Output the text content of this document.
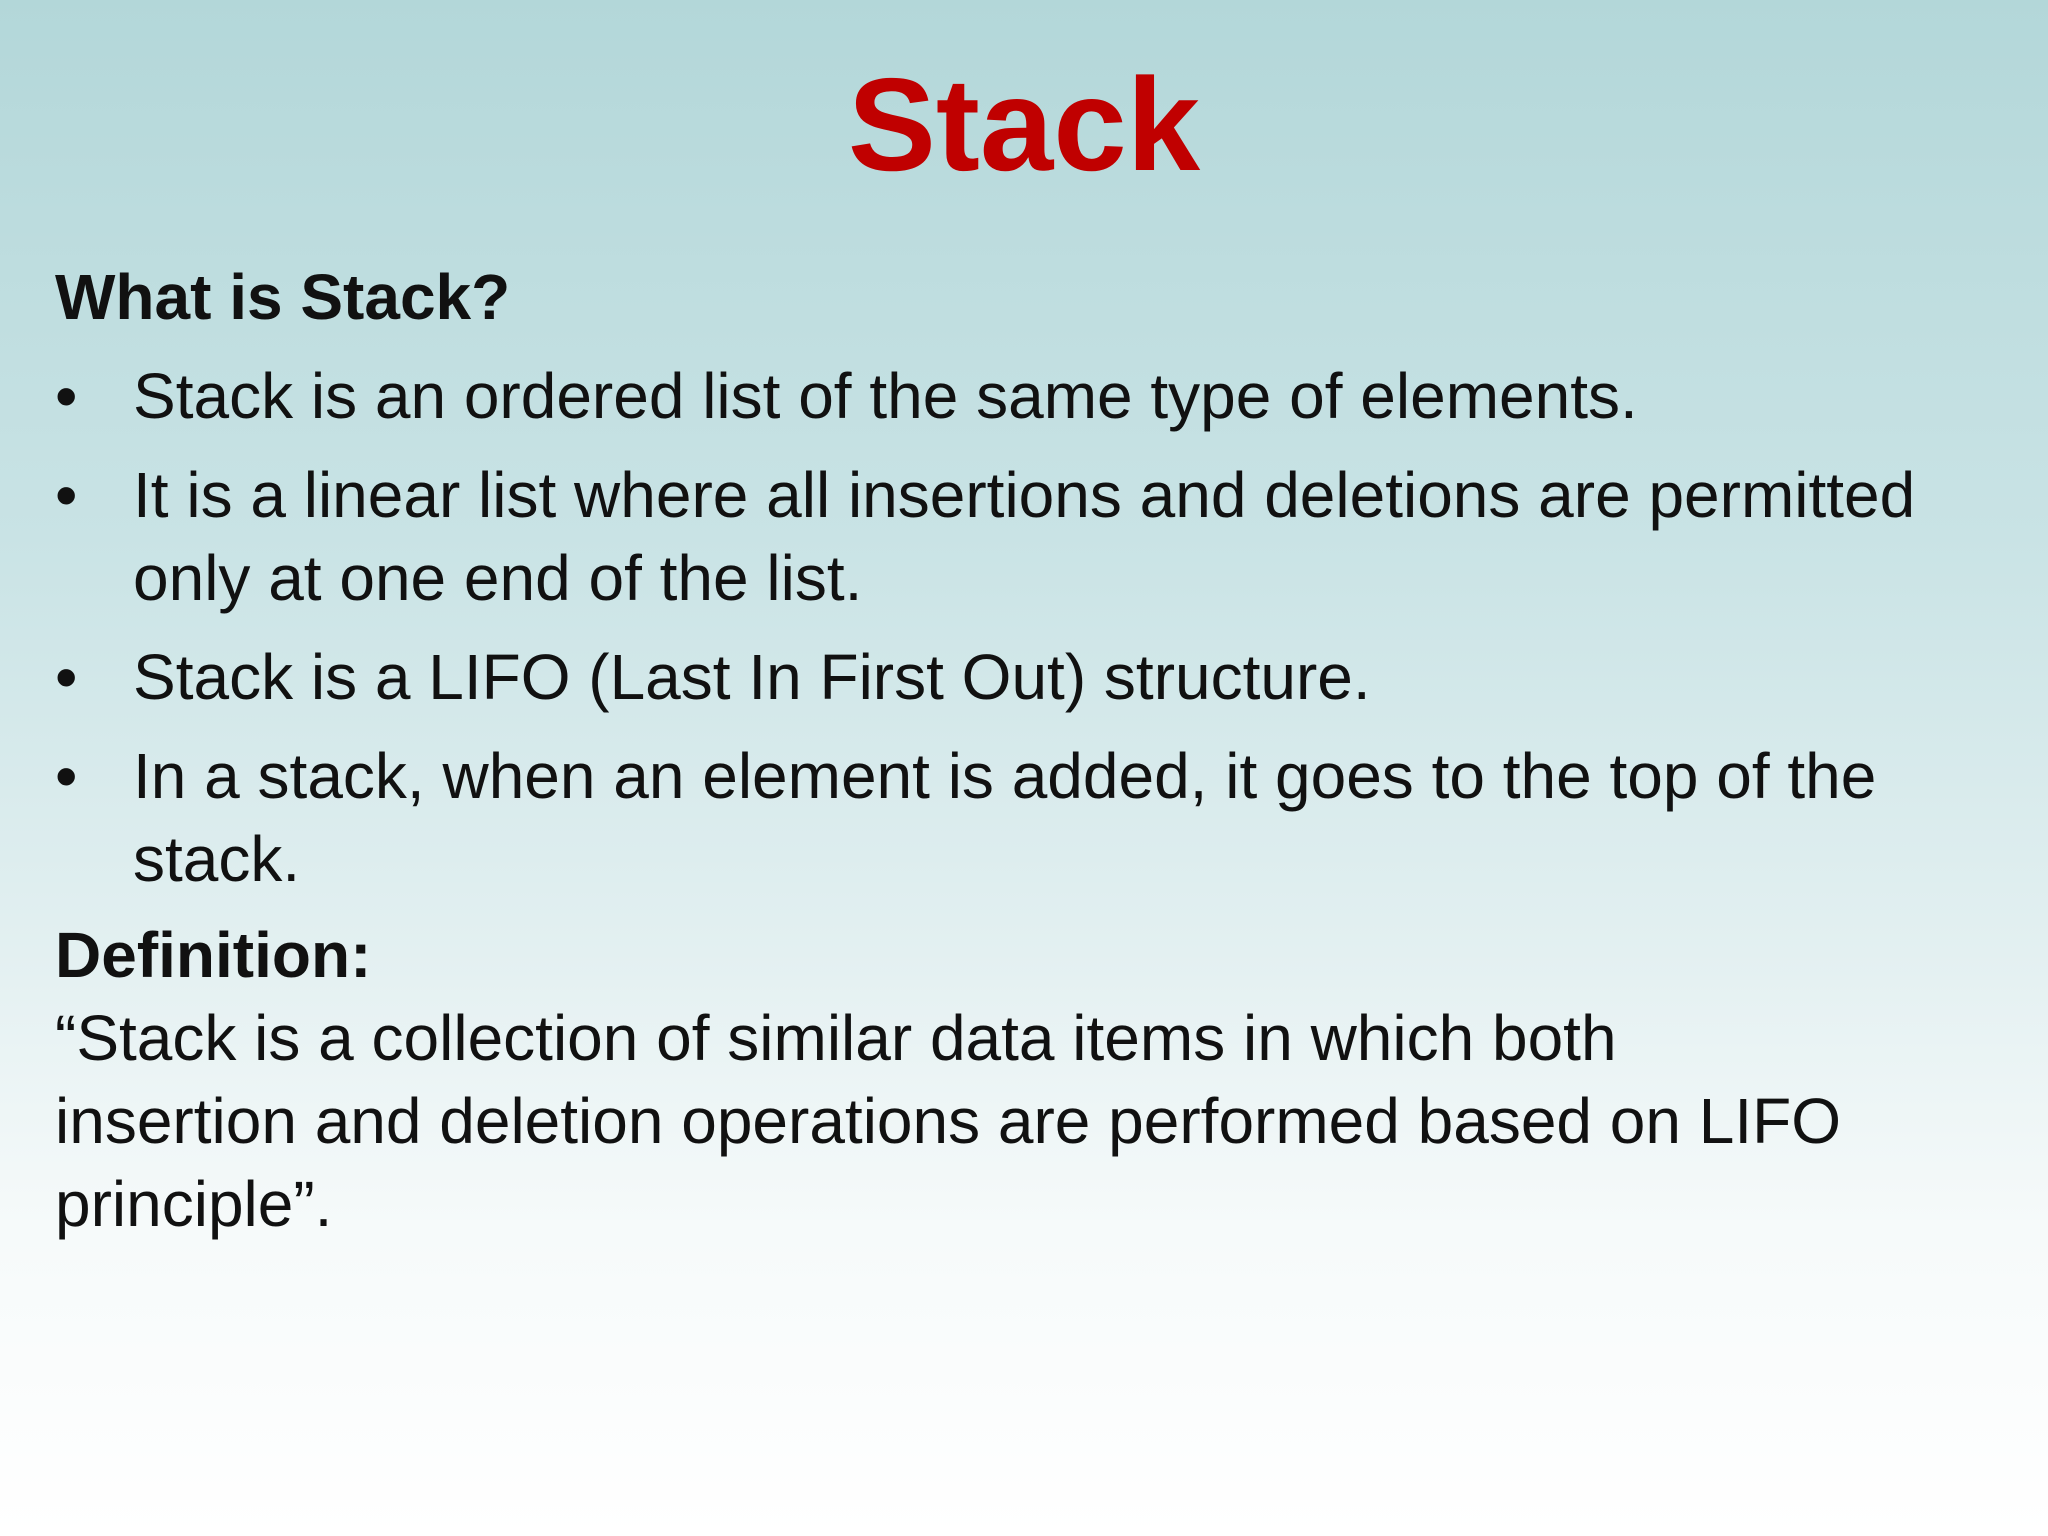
Stack

What is Stack?

• Stack is an ordered list of the same type of elements.
• It is a linear list where all insertions and deletions are permitted only at one end of the list.
• Stack is a LIFO (Last In First Out) structure.
• In a stack, when an element is added, it goes to the top of the stack.

Definition:

“Stack is a collection of similar data items in which both insertion and deletion operations are performed based on LIFO principle”.
